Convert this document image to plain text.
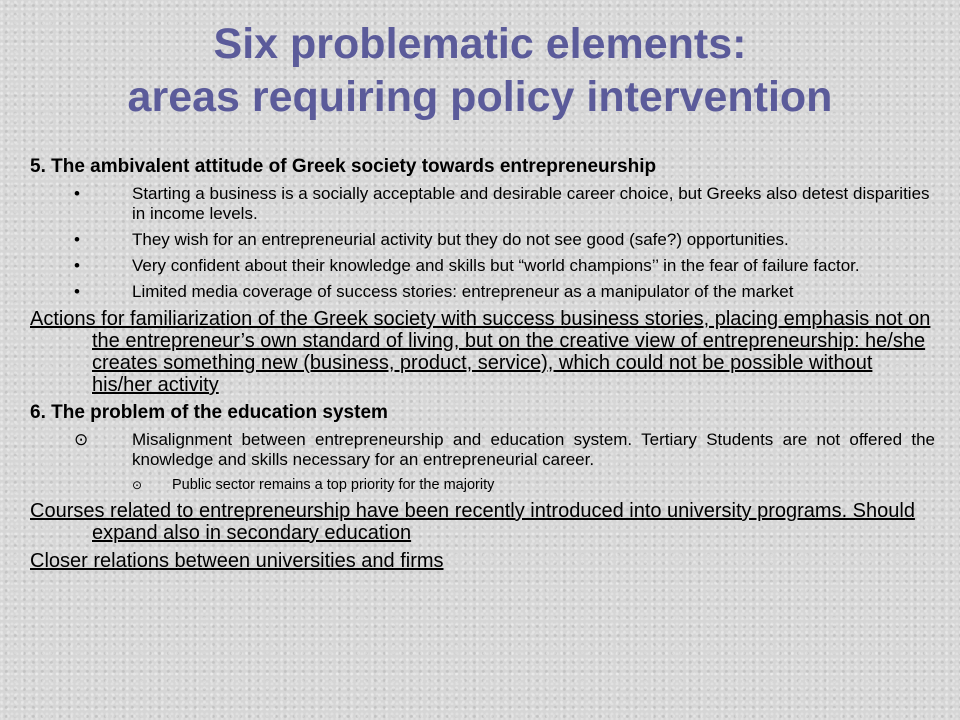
Six problematic elements:
areas requiring policy intervention
5. The ambivalent attitude of Greek society towards entrepreneurship
•	Starting a business is a socially acceptable and desirable career choice, but Greeks also detest disparities in income levels.
•	They wish for an entrepreneurial activity but they do not see good (safe?) opportunities.
•	Very confident about their knowledge and skills but “world champions’’ in the fear of failure factor.
•	Limited media coverage of success stories: entrepreneur as a manipulator of the market
Actions for familiarization of the Greek society with success business stories, placing emphasis not on the entrepreneur’s own standard of living, but on the creative view of entrepreneurship: he/she creates something new (business, product, service), which could not be possible without his/her activity
6. The problem of the education system
⊙	Misalignment between entrepreneurship and education system. Tertiary Students are not offered the knowledge and skills necessary for an entrepreneurial career.
⊙ Public sector remains a top priority for the majority
Courses related to entrepreneurship have been recently introduced into university programs. Should expand also in secondary education
Closer relations between universities and firms
